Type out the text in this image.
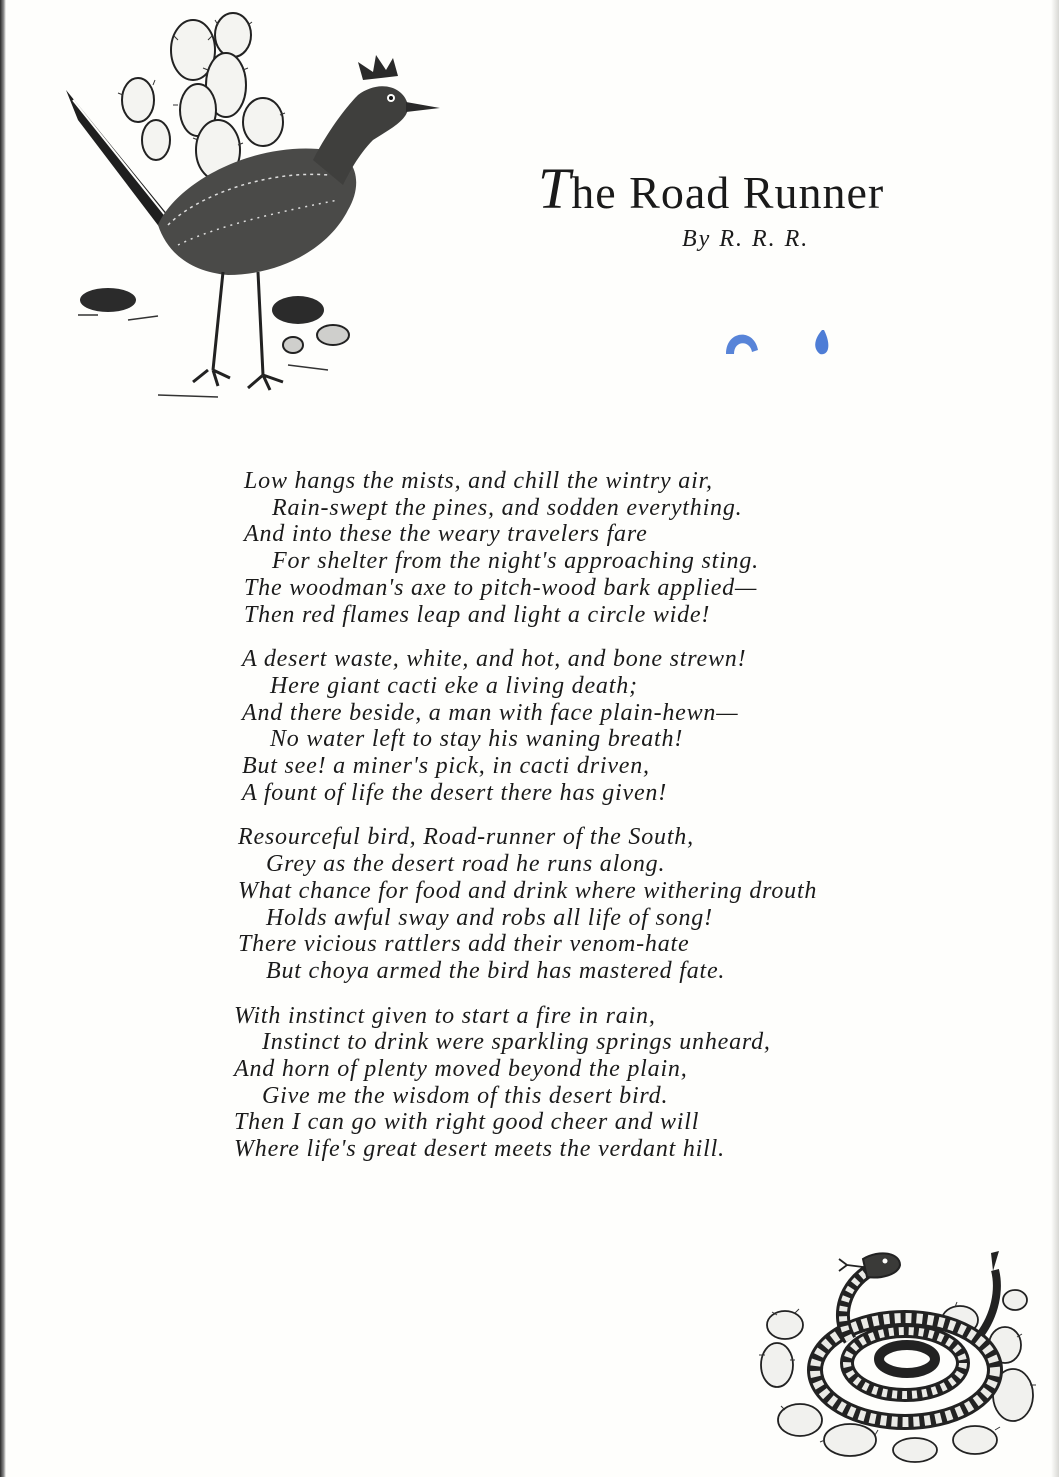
The Road Runner
By R. R. R.
Low hangs the mists, and chill the wintry air,
Rain-swept the pines, and sodden everything.
And into these the weary travelers fare
For shelter from the night's approaching sting.
The woodman's axe to pitch-wood bark applied—
Then red flames leap and light a circle wide!
A desert waste, white, and hot, and bone strewn!
Here giant cacti eke a living death;
And there beside, a man with face plain-hewn—
No water left to stay his waning breath!
But see! a miner's pick, in cacti driven,
A fount of life the desert there has given!
Resourceful bird, Road-runner of the South,
Grey as the desert road he runs along.
What chance for food and drink where withering drouth
Holds awful sway and robs all life of song!
There vicious rattlers add their venom-hate
But choya armed the bird has mastered fate.
With instinct given to start a fire in rain,
Instinct to drink were sparkling springs unheard,
And horn of plenty moved beyond the plain,
Give me the wisdom of this desert bird.
Then I can go with right good cheer and will
Where life's great desert meets the verdant hill.
